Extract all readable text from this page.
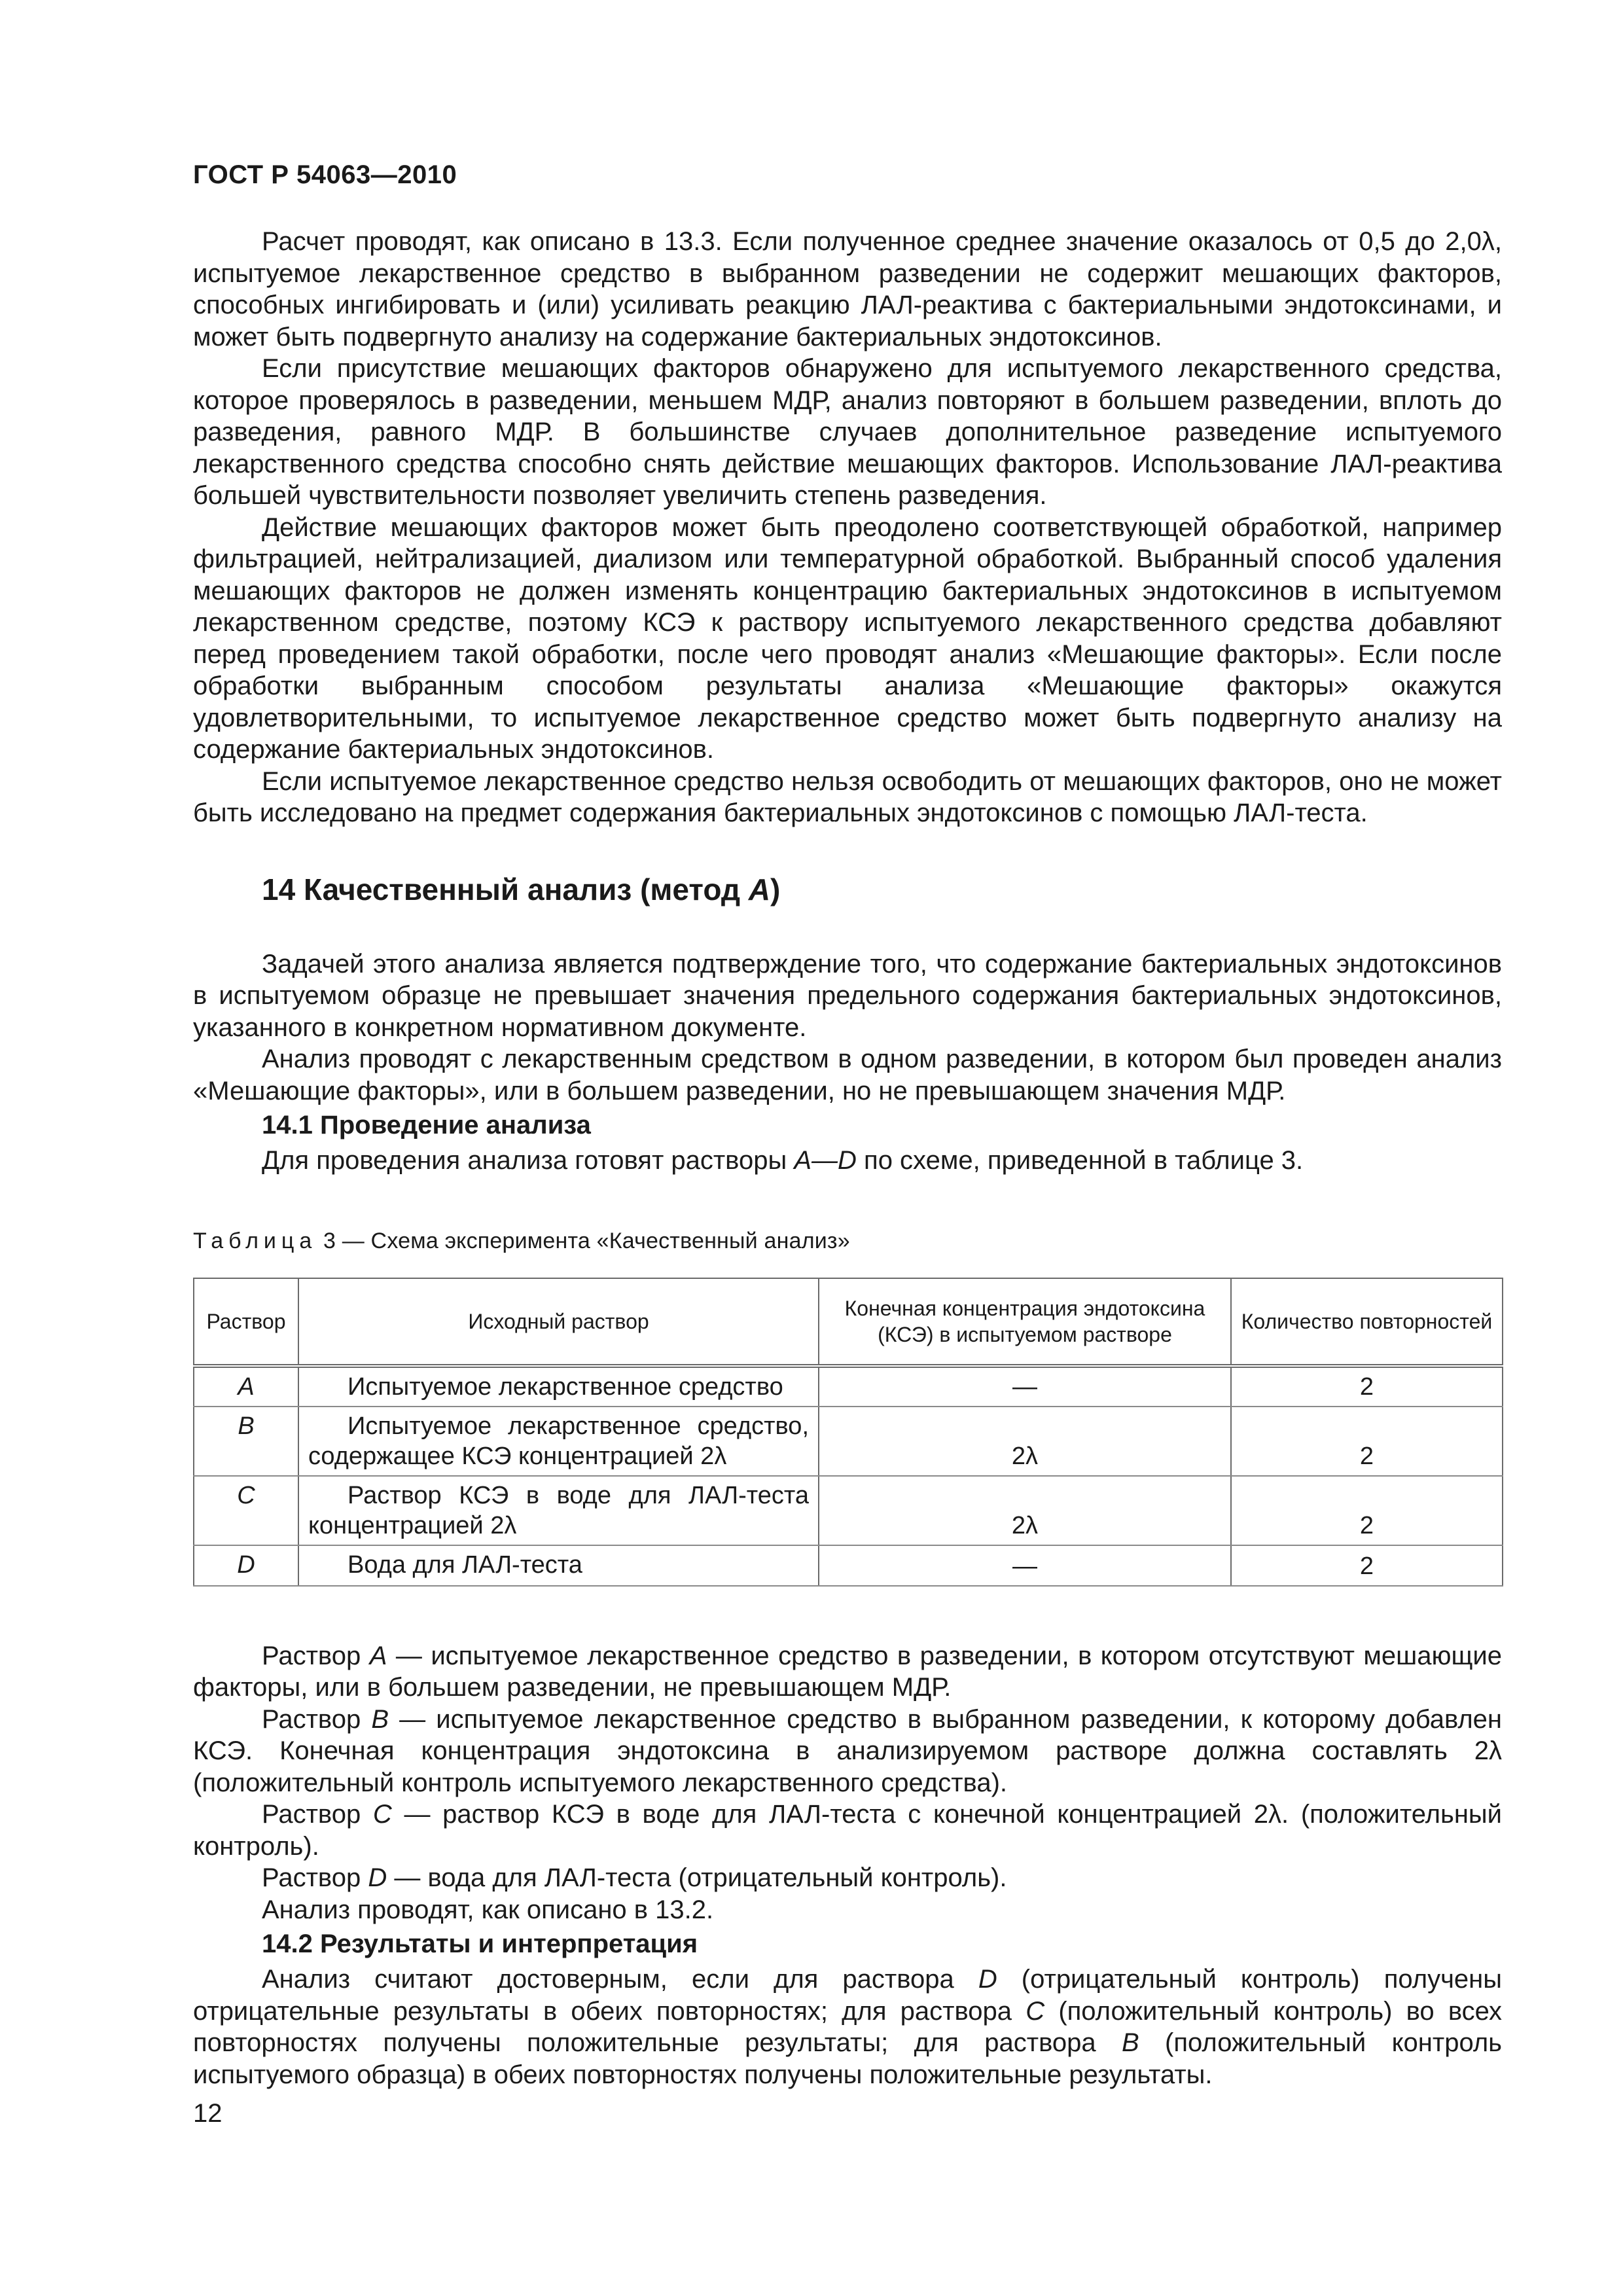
ГОСТ Р 54063—2010

Расчет проводят, как описано в 13.3. Если полученное среднее значение оказалось от 0,5 до 2,0λ, испытуемое лекарственное средство в выбранном разведении не содержит мешающих факторов, способных ингибировать и (или) усиливать реакцию ЛАЛ-реактива с бактериальными эндотоксинами, и может быть подвергнуто анализу на содержание бактериальных эндотоксинов.

Если присутствие мешающих факторов обнаружено для испытуемого лекарственного средства, которое проверялось в разведении, меньшем МДР, анализ повторяют в большем разведении, вплоть до разведения, равного МДР. В большинстве случаев дополнительное разведение испытуемого лекарственного средства способно снять действие мешающих факторов. Использование ЛАЛ-реактива большей чувствительности позволяет увеличить степень разведения.

Действие мешающих факторов может быть преодолено соответствующей обработкой, например фильтрацией, нейтрализацией, диализом или температурной обработкой. Выбранный способ удаления мешающих факторов не должен изменять концентрацию бактериальных эндотоксинов в испытуемом лекарственном средстве, поэтому КСЭ к раствору испытуемого лекарственного средства добавляют перед проведением такой обработки, после чего проводят анализ «Мешающие факторы». Если после обработки выбранным способом результаты анализа «Мешающие факторы» окажутся удовлетворительными, то испытуемое лекарственное средство может быть подвергнуто анализу на содержание бактериальных эндотоксинов.

Если испытуемое лекарственное средство нельзя освободить от мешающих факторов, оно не может быть исследовано на предмет содержания бактериальных эндотоксинов с помощью ЛАЛ-теста.

14 Качественный анализ (метод А)

Задачей этого анализа является подтверждение того, что содержание бактериальных эндотоксинов в испытуемом образце не превышает значения предельного содержания бактериальных эндотоксинов, указанного в конкретном нормативном документе.

Анализ проводят с лекарственным средством в одном разведении, в котором был проведен анализ «Мешающие факторы», или в большем разведении, но не превышающем значения МДР.

14.1 Проведение анализа

Для проведения анализа готовят растворы A—D по схеме, приведенной в таблице 3.

Таблица 3 — Схема эксперимента «Качественный анализ»
Раствор	Исходный раствор	Конечная концентрация эндотоксина (КСЭ) в испытуемом растворе	Количество повторностей
А	Испытуемое лекарственное средство	—	2
В	Испытуемое лекарственное средство, содержащее КСЭ концентрацией 2λ	2λ	2
С	Раствор КСЭ в воде для ЛАЛ-теста концентрацией 2λ	2λ	2
D	Вода для ЛАЛ-теста	—	2

Раствор А — испытуемое лекарственное средство в разведении, в котором отсутствуют мешающие факторы, или в большем разведении, не превышающем МДР.

Раствор В — испытуемое лекарственное средство в выбранном разведении, к которому добавлен КСЭ. Конечная концентрация эндотоксина в анализируемом растворе должна составлять 2λ (положительный контроль испытуемого лекарственного средства).

Раствор С — раствор КСЭ в воде для ЛАЛ-теста с конечной концентрацией 2λ. (положительный контроль).

Раствор D — вода для ЛАЛ-теста (отрицательный контроль).

Анализ проводят, как описано в 13.2.

14.2 Результаты и интерпретация

Анализ считают достоверным, если для раствора D (отрицательный контроль) получены отрицательные результаты в обеих повторностях; для раствора С (положительный контроль) во всех повторностях получены положительные результаты; для раствора В (положительный контроль испытуемого образца) в обеих повторностях получены положительные результаты.

12
